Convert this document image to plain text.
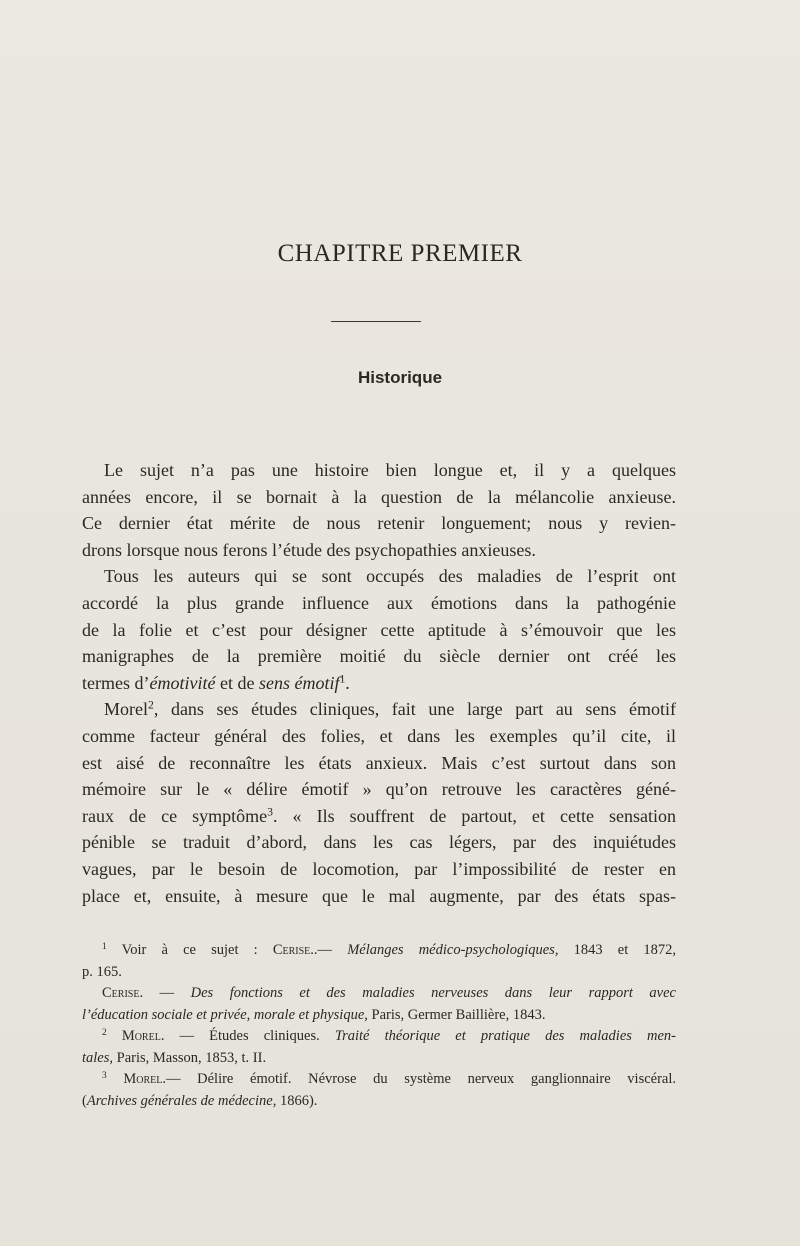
CHAPITRE PREMIER
Historique
Le sujet n’a pas une histoire bien longue et, il y a quelques
années encore, il se bornait à la question de la mélancolie anxieuse.
Ce dernier état mérite de nous retenir longuement; nous y revien-
drons lorsque nous ferons l’étude des psychopathies anxieuses.
Tous les auteurs qui se sont occupés des maladies de l’esprit ont
accordé la plus grande influence aux émotions dans la pathogénie
de la folie et c’est pour désigner cette aptitude à s’émouvoir que les
manigraphes de la première moitié du siècle dernier ont créé les
termes d’émotivité et de sens émotif$^1$.
Morel$^2$, dans ses études cliniques, fait une large part au sens émotif
comme facteur général des folies, et dans les exemples qu’il cite, il
est aisé de reconnaître les états anxieux. Mais c’est surtout dans son
mémoire sur le « délire émotif » qu’on retrouve les caractères géné-
raux de ce symptôme$^3$. « Ils souffrent de partout, et cette sensation
pénible se traduit d’abord, dans les cas légers, par des inquiétudes
vagues, par le besoin de locomotion, par l’impossibilité de rester en
place et, ensuite, à mesure que le mal augmente, par des états spas-
$^1$ Voir à ce sujet : Cerise..— Mélanges médico-psychologiques, 1843 et 1872,
p. 165.
Cerise. — Des fonctions et des maladies nerveuses dans leur rapport avec
l’éducation sociale et privée, morale et physique, Paris, Germer Baillière, 1843.
$^2$ Morel. — Études cliniques. Traité théorique et pratique des maladies men-
tales, Paris, Masson, 1853, t. II.
$^3$ Morel.— Délire émotif. Névrose du système nerveux ganglionnaire viscéral.
(Archives générales de médecine, 1866).
